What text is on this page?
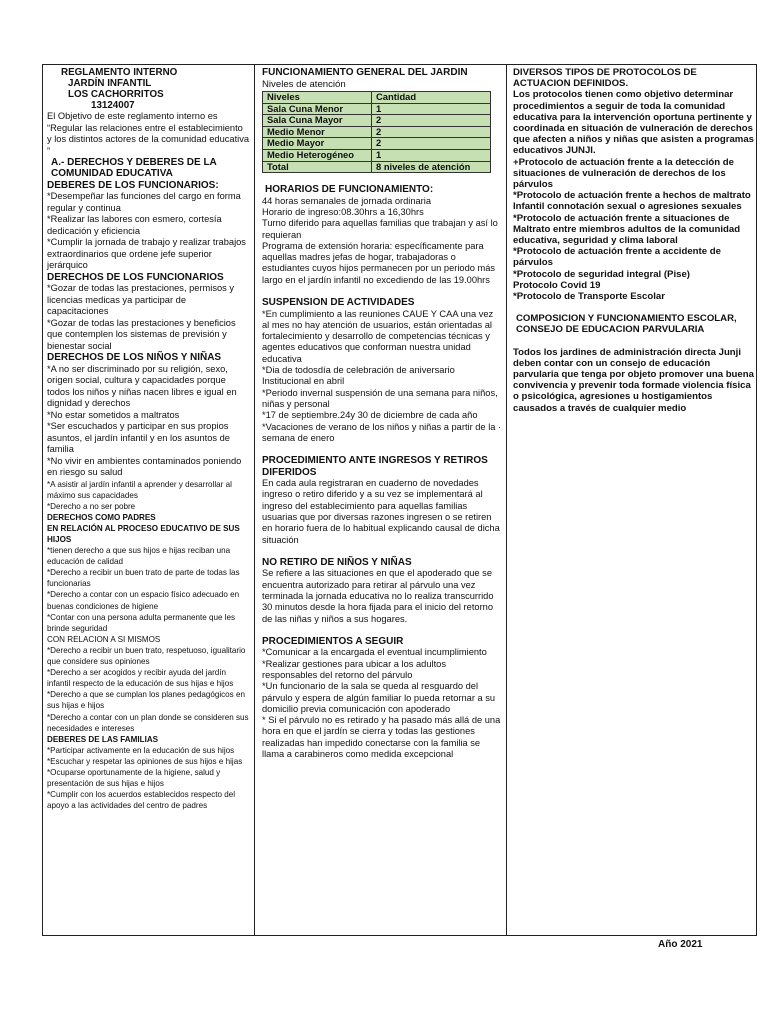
REGLAMENTO INTERNO
JARDÍN INFANTIL
LOS CACHORRITOS
13124007
El Objetivo de este reglamento interno es “Regular las relaciones entre el establecimiento y los distintos actores de la comunidad educativa ”
A.- DERECHOS Y DEBERES DE LA COMUNIDAD EDUCATIVA
DEBERES DE LOS FUNCIONARIOS:
*Desempeñar las funciones del cargo en forma regular y continua
*Realizar las labores con esmero, cortesía dedicación y eficiencia
*Cumplir la jornada de trabajo y realizar trabajos extraordinarios que ordene jefe superior jerárquico
DERECHOS DE LOS FUNCIONARIOS
*Gozar de todas las prestaciones, permisos y licencias medicas ya participar de capacitaciones
*Gozar de todas las prestaciones y beneficios que contemplen los sistemas de previsión y bienestar social
DERECHOS DE LOS NIÑOS Y NIÑAS
*A no ser discriminado por su religión, sexo, origen social, cultura y capacidades porque todos los niños y niñas nacen libres e igual en dignidad y derechos
*No estar sometidos a maltratos
*Ser escuchados y participar en sus propios asuntos, el jardín infantil y en los asuntos de familia
*No vivir en ambientes contaminados poniendo en riesgo su salud
*A asistir al jardín infantil a aprender y desarrollar al máximo sus capacidades
*Derecho a no ser pobre
DERECHOS COMO PADRES
EN RELACIÓN AL PROCESO EDUCATIVO DE SUS HIJOS
*tienen derecho a que sus hijos e hijas reciban una educación de calidad
*Derecho a recibir un buen trato de parte de todas las funcionarias
*Derecho a contar con un espacio físico adecuado en buenas condiciones de higiene
*Contar con una persona adulta permanente que les brinde seguridad
CON RELACION A SI MISMOS
*Derecho a recibir un buen trato, respetuoso, igualitario que considere sus opiniones
*Derecho a ser acogidos y recibir ayuda del jardín infantil respecto de la educación de sus hijas e hijos
*Derecho a que se cumplan los planes pedagógicos en sus hijas e hijos
*Derecho a contar con un plan donde se consideren sus necesidades e intereses
DEBERES DE LAS FAMILIAS
*Participar activamente en la educación de sus hijos
*Escuchar y respetar las opiniones de sus hijos e hijas
*Ocuparse oportunamente de la higiene, salud y presentación de sus hijas e hijos
*Cumplir con los acuerdos establecidos respecto del apoyo a las actividades del centro de padres
FUNCIONAMIENTO GENERAL DEL JARDIN
Niveles de atención
Niveles	Cantidad
Sala Cuna Menor	1
Sala Cuna Mayor	2
Medio Menor	2
Medio Mayor	2
Medio Heterogéneo	1
Total	8 niveles de atención
HORARIOS DE FUNCIONAMIENTO:
44 horas semanales de jornada ordinaria
Horario de ingreso:08.30hrs a 16,30hrs
Turno diferido para aquellas familias que trabajan y así lo requieran
Programa de extensión horaria: específicamente para aquellas madres jefas de hogar, trabajadoras o estudiantes cuyos hijos permanecen por un periodo más largo en el jardín infantil no excediendo de las 19.00hrs
SUSPENSION DE ACTIVIDADES
*En cumplimiento a las reuniones CAUE Y CAA una vez al mes no hay atención de usuarios, están orientadas al fortalecimiento y desarrollo de competencias técnicas y agentes educativos que conforman nuestra unidad educativa
*Dia de todosdía de celebración de aniversario Institucional en abril
*Periodo invernal suspensión de una semana para niños, niñas y personal
*17 de septiembre.24y 30 de diciembre de cada año
*Vacaciones de verano de los niños y niñas a partir de la · semana de enero
PROCEDIMIENTO ANTE INGRESOS Y RETIROS DIFERIDOS
En cada aula registraran en cuaderno de novedades ingreso o retiro diferido y a su vez se implementará al ingreso del establecimiento para aquellas familias usuarias que por diversas razones ingresen o se retiren en horario fuera de lo habitual explicando causal de dicha situación
NO RETIRO DE NIÑOS Y NIÑAS
Se refiere a las situaciones en que el apoderado que se encuentra autorizado para retirar al párvulo una vez terminada la jornada educativa no lo realiza transcurrido 30 minutos desde la hora fijada para el inicio del retorno de las niñas y niños a sus hogares.
PROCEDIMIENTOS A SEGUIR
*Comunicar a la encargada el eventual incumplimiento
*Realizar gestiones para ubicar a los adultos responsables del retorno del párvulo
*Un funcionario de la sala se queda al resguardo del párvulo y espera de algún familiar lo pueda retornar a su domicilio previa comunicación con apoderado
* Si el párvulo no es retirado y ha pasado más allá de una hora en que el jardín se cierra y todas las gestiones realizadas han impedido conectarse con la familia se llama a carabineros como medida excepcional
DIVERSOS TIPOS DE PROTOCOLOS DE ACTUACION DEFINIDOS.
Los protocolos tienen como objetivo determinar procedimientos a seguir de toda la comunidad educativa para la intervención oportuna pertinente y coordinada en situación de vulneración de derechos que afecten a niños y niñas que asisten a programas educativos JUNJI.
+Protocolo de actuación frente a la detección de situaciones de vulneración de derechos de los párvulos
*Protocolo de actuación frente a hechos de maltrato Infantil connotación sexual o agresiones sexuales
*Protocolo de actuación frente a situaciones de Maltrato entre miembros adultos de la comunidad educativa, seguridad y clima laboral
*Protocolo de actuación frente a accidente de párvulos
*Protocolo de seguridad integral (Pise)
Protocolo Covid 19
*Protocolo de Transporte Escolar
COMPOSICION Y FUNCIONAMIENTO ESCOLAR, CONSEJO DE EDUCACION PARVULARIA
Todos los jardines de administración directa Junji deben contar con un consejo de educación parvularia que tenga por objeto promover una buena convivencia y prevenir toda formade violencia física o psicológica, agresiones u hostigamientos causados a través de cualquier medio
Año 2021
